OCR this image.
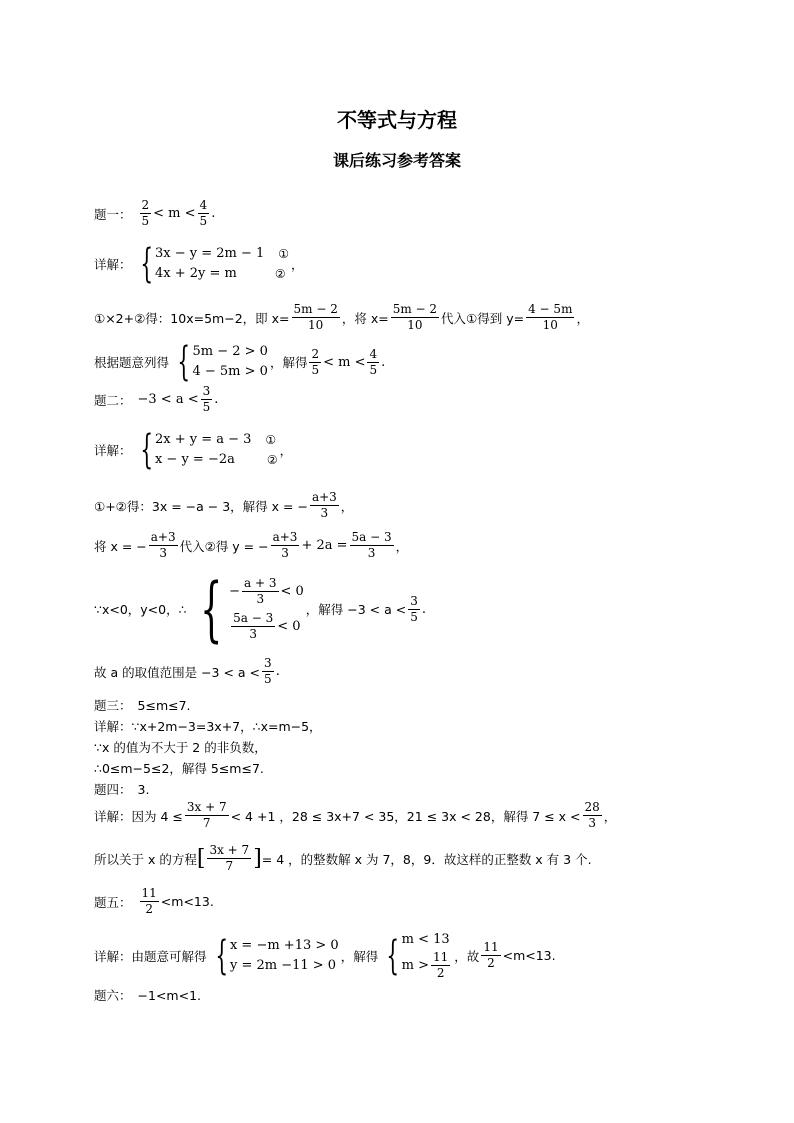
不等式与方程
课后练习参考答案
题一： $\frac{2}{5} < m < \frac{4}{5}$ .
详解： { 3x − y = 2m − 1 ①
4x + 2y = m	②
，
①×2+②得：10x=5m−2，即 $x= \frac{5m - 2}{10}$ ，将 $x= \frac{5m - 2}{10}$ 代入①得到 $y= \frac{4 - 5m}{10}$ ，
根据题意列得 { 5m − 2 > 0
4 − 5m > 0
，解得 $\frac{2}{5} < m < \frac{4}{5}$ .
题二： $-3 < a < \frac{3}{5}$ .
详解： { 2x + y = a − 3 ①
x − y = −2a	②
，
①+②得：3x = −a − 3，解得 x = − $\frac{a+3}{3}$ ，
将 x = − $\frac{a+3}{3}$ 代入②得 y = − $\frac{a+3}{3} + 2a = \frac{5a - 3}{3}$ ，
∵x<0，y<0，∴ { − $\frac{a + 3}{3} < 0$
$\frac{5a - 3}{3} < 0$
，解得 $-3 < a < \frac{3}{5}$ .
故 a 的取值范围是 $-3 < a < \frac{3}{5}$ .
题三： 5≤m≤7.
详解：∵x+2m−3=3x+7，∴x=m−5，
∵x 的值为不大于 2 的非负数，
∴0≤m−5≤2，解得 5≤m≤7.
题四： 3.
详解：因为 $4 \le \frac{3x + 7}{7} < 4 +1$ ，28 ≤ 3x+7 < 35，21 ≤ 3x < 28，解得 $7 \le x < \frac{28}{3}$ ，
所以关于 x 的方程 [ $\frac{3x + 7}{7}$ ] = 4 ，的整数解 x 为 7，8，9．故这样的正整数 x 有 3 个.
题五： $\frac{11}{2} <m<13$.
详解：由题意可解得 { x = −m +13 > 0
y = 2m −11 > 0
，解得 { m < 13
$m > \frac{11}{2}$ ，故 $\frac{11}{2} <m<13$.
题六： −1<m<1.
